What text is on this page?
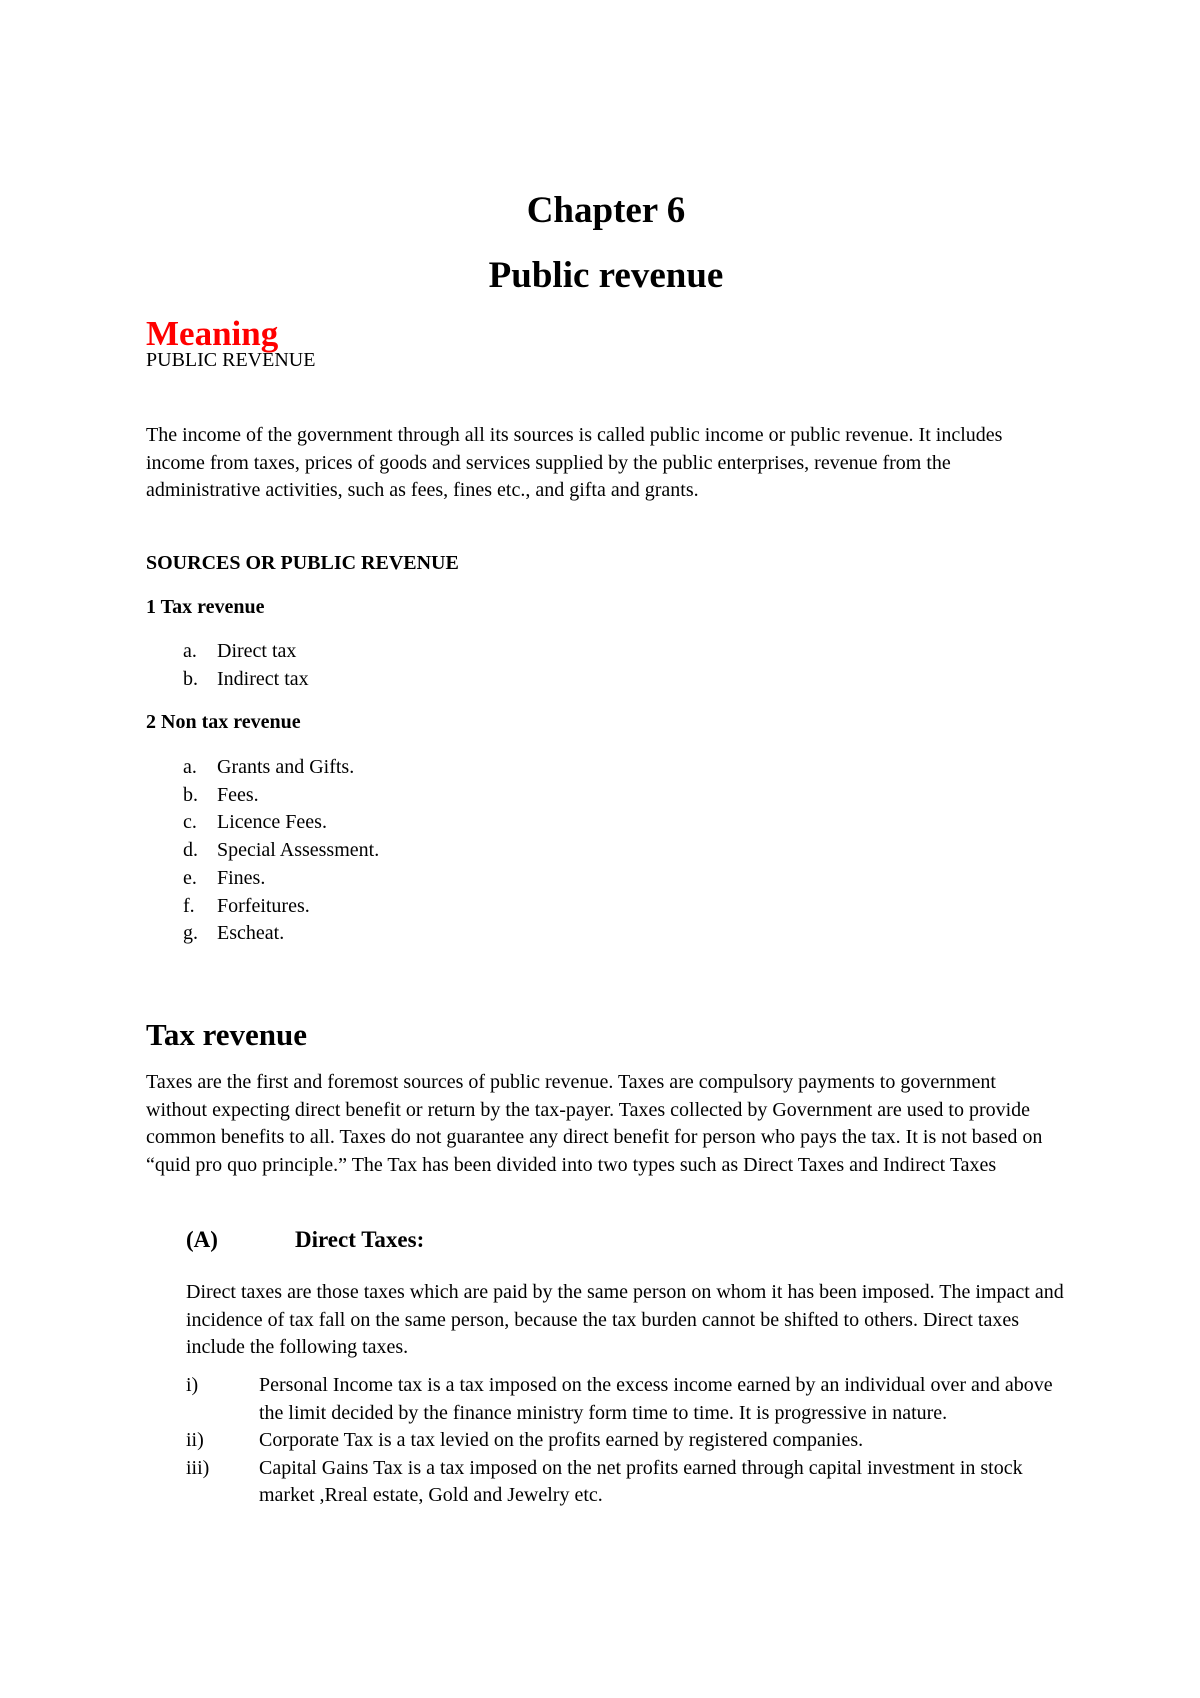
Chapter 6
Public revenue
Meaning
PUBLIC REVENUE

The income of the government through all its sources is called public income or public revenue. It includes income from taxes, prices of goods and services supplied by the public enterprises, revenue from the administrative activities, such as fees, fines etc., and gifta and grants.

SOURCES OR PUBLIC REVENUE
1 Tax revenue
a. Direct tax
b. Indirect tax
2 Non tax revenue
a. Grants and Gifts.
b. Fees.
c. Licence Fees.
d. Special Assessment.
e. Fines.
f. Forfeitures.
g. Escheat.
Tax revenue

Taxes are the first and foremost sources of public revenue. Taxes are compulsory payments to government without expecting direct benefit or return by the tax-payer. Taxes collected by Government are used to provide common benefits to all. Taxes do not guarantee any direct benefit for person who pays the tax. It is not based on “quid pro quo principle.” The Tax has been divided into two types such as Direct Taxes and Indirect Taxes

(A)	Direct Taxes:

Direct taxes are those taxes which are paid by the same person on whom it has been imposed. The impact and incidence of tax fall on the same person, because the tax burden cannot be shifted to others. Direct taxes include the following taxes.

i)	Personal Income tax is a tax imposed on the excess income earned by an individual over and above the limit decided by the finance ministry form time to time. It is progressive in nature.
ii)	Corporate Tax is a tax levied on the profits earned by registered companies.
iii) Capital Gains Tax is a tax imposed on the net profits earned through capital investment in stock market ,Rreal estate, Gold and Jewelry etc.
